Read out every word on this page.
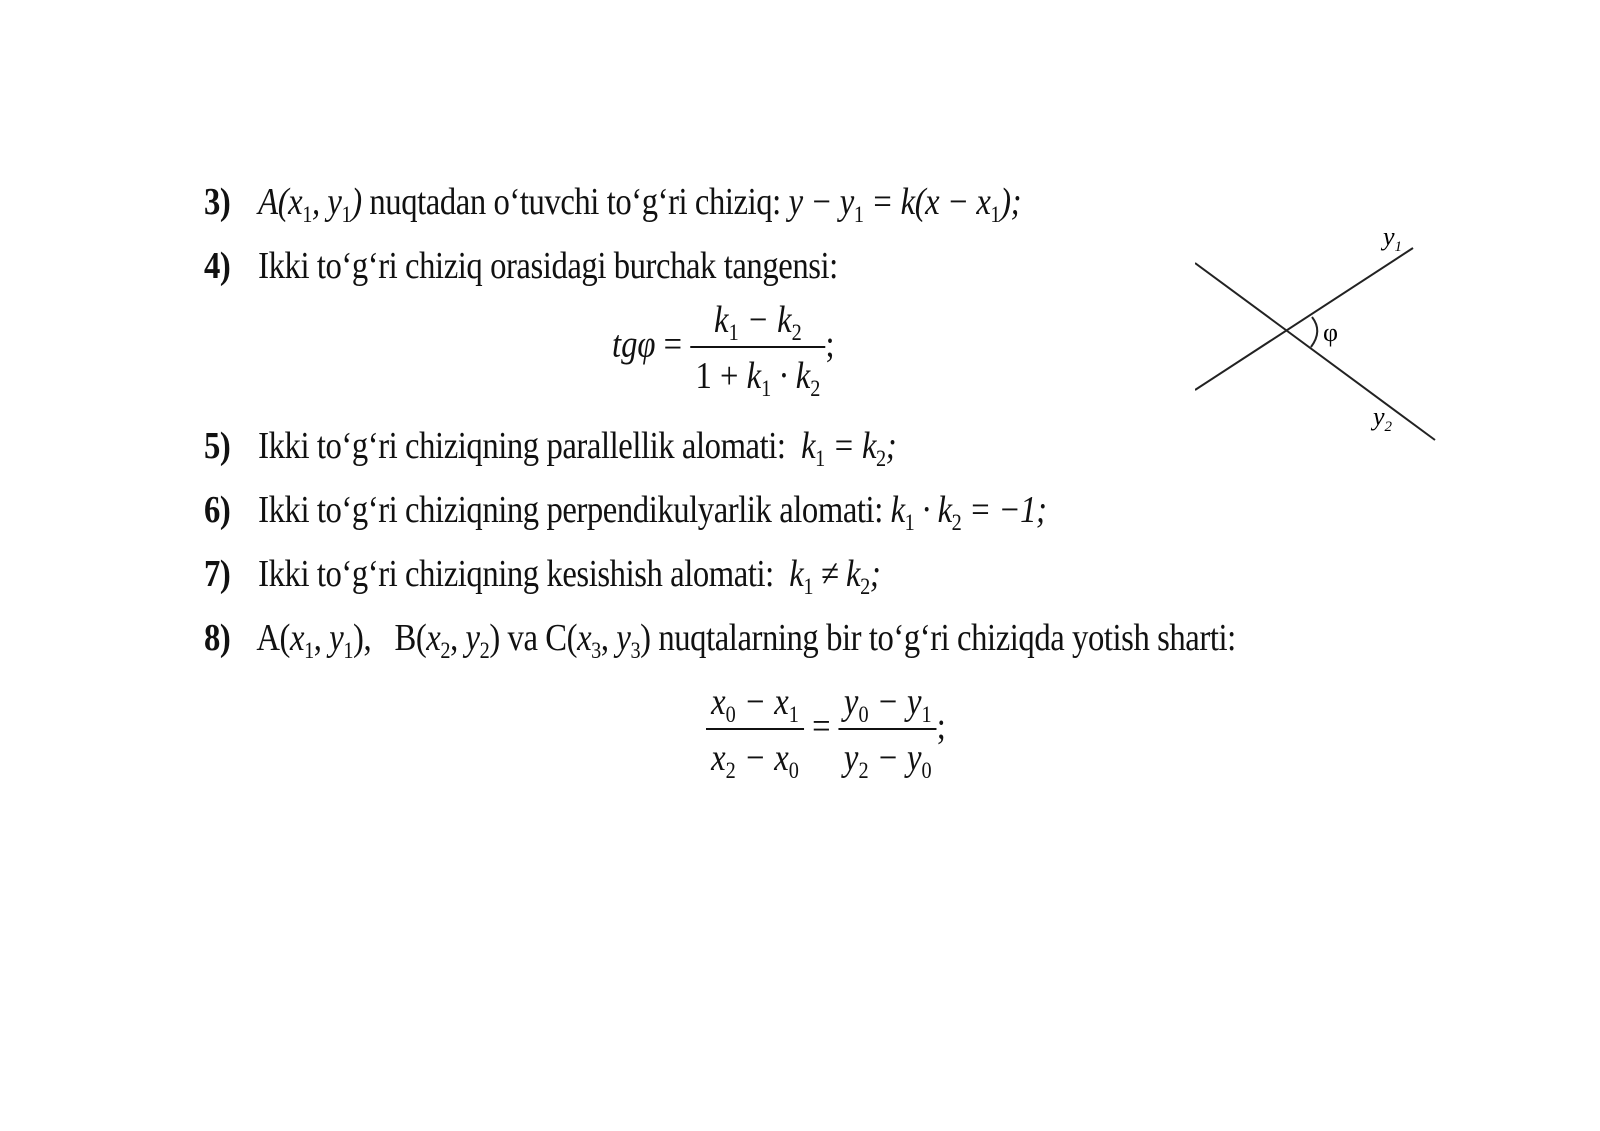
3) $A(x_1$, $y_1$) nuqtadan o‘tuvchi to‘g‘ri chiziq: $y - y_1 = k(x - x_1)$;
4) Ikki to‘g‘ri chiziq orasidagi burchak tangensi:
$tg\varphi = \frac{k_1 - k_2}{1 + k_1 \cdot k_2}$ ;
5) Ikki to‘g‘ri chiziqning parallellik alomati:  $k_1 = k_2$;
6) Ikki to‘g‘ri chiziqning perpendikulyarlik alomati: $k_1 \cdot k_2 = -1$;
7) Ikki to‘g‘ri chiziqning kesishish alomati:  $k_1 \ne k_2$;
8) $A(x_1$, $y_1$), $B(x_2$, $y_2$) va $C(x_3$, $y_3$) nuqtalarning bir to‘g‘ri chiziqda yotish sharti:
$\frac{x_0 - x_1}{x_2 - x_0} = \frac{y_0 - y_1}{y_2 - y_0}$ ;
φ
$y_1$
$y_2$
